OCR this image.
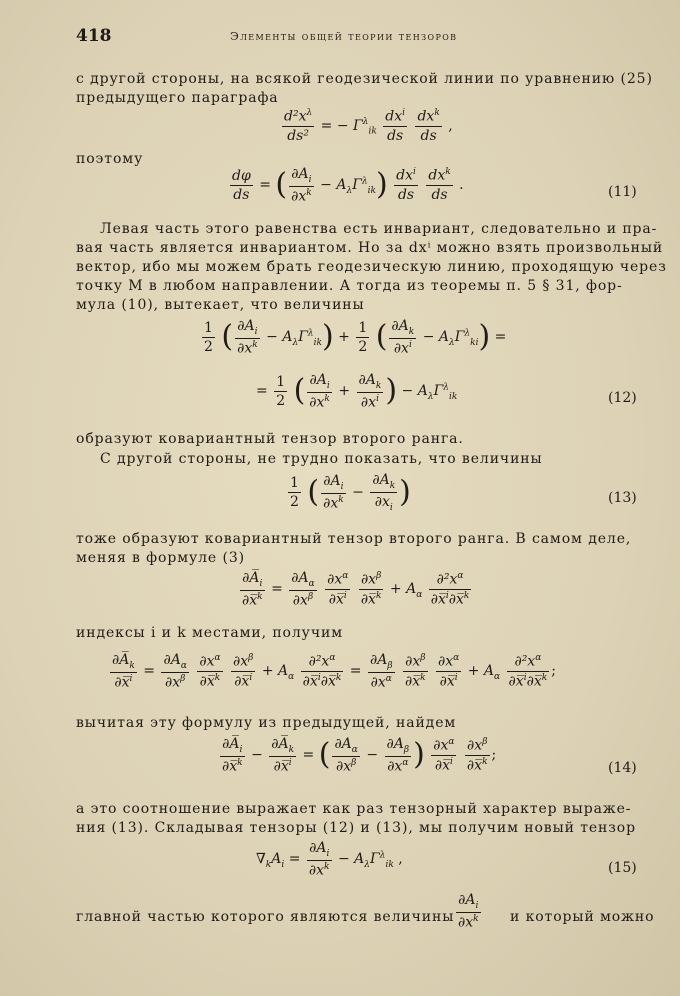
418	Элементы общей теории тензоров
с другой стороны, на всякой геодезической линии по уравнению (25)
предыдущего параграфа
$\frac{d^2x^\lambda}{\text{ds²}}$ = − $\Gamma^\lambda_{ik} \frac{dx^i}{ds}$
$\frac{dx^k}{ds}$ ,
поэтому
$\frac{d\varphi}{ds}$ = ( $\frac{\partial A_i}{\partial x^k} - A_\lambda\Gamma^\lambda_{ik}) \frac{dx^i}{ds}$
$\frac{dx^k}{ds}$ .	(11)
Левая часть этого равенства есть инвариант, следовательно и пра-
вая часть является инвариантом. Но за dxⁱ можно взять произвольный
вектор, ибо мы можем брать геодезическую линию, проходящую через
точку M в любом направлении. А тогда из теоремы п. 5 § 31, фор-
мула (10), вытекает, что величины
$\frac{1}{2}$ ( $\frac{\partial A_i}{\partial x^k} - A_\lambda\Gamma^\lambda_{ik}) + \frac{1}{2}$ ( $\frac{\partial A_k}{\partial x^i} - A_\lambda\Gamma^\lambda_{ki}$) =
= $\frac{1}{2}$ ( $\frac{\partial A_i}{\partial x^k} + \frac{\partial A_k}{\partial x^i}$ ) − $A_\lambda\Gamma^\lambda_{ik}$	(12)
образуют ковариантный тензор второго ранга.
С другой стороны, не трудно показать, что величины
$\frac{1}{2}$ ( $\frac{\partial A_i}{\partial x^k} - \frac{\partial A_k}{\partial x_i}$ )	(13)
тоже образуют ковариантный тензор второго ранга. В самом деле,
меняя в формуле (3)
$\frac{\partial A̅_i}{\partial x̅^k} = \frac{\partial A_\alpha}{\partial x^\beta}$
$\frac{\partial x^\alpha}{\partial x̅^i}$
$\frac{\partial x^\beta}{\partial x̅^k} + A_\alpha \frac{\partial^2x^\alpha}{\partial x̅^i\partial x̅^k}$
индексы i и k местами, получим
$\frac{\partial A̅_k}{\partial x̅^i} = \frac{\partial A_\alpha}{\partial x^\beta}$
$\frac{\partial x^\alpha}{\partial x̅^k}$
$\frac{\partial x^\beta}{\partial x̅^i} + A_\alpha \frac{\partial^2x^\alpha}{\partial x̅^i\partial x̅^k} = \frac{\partial A_\beta}{\partial x^\alpha}$
$\frac{\partial x^\beta}{\partial x̅^k}$
$\frac{\partial x^\alpha}{\partial x̅^i} + A_\alpha \frac{\partial^2x^\alpha}{\partial x̅^i\partial x̅^k}$ ;
вычитая эту формулу из предыдущей, найдем
$\frac{\partial A̅_i}{\partial x̅^k} - \frac{\partial A̅_k}{\partial x̅^i}$ = ( $\frac{\partial A_\alpha}{\partial x^\beta} - \frac{\partial A_\beta}{\partial x^\alpha}$ ) $\frac{\partial x^\alpha}{\partial x̅^i}$
$\frac{\partial x^\beta}{\partial x̅^k}$ ;
(14)
а это соотношение выражает как раз тензорный характер выраже-
ния (13). Складывая тензоры (12) и (13), мы получим новый тензор
$\nabla_kA_i = \frac{\partial A_i}{\partial x^k} - A_\lambda\Gamma^\lambda_{ik}$ ,
(15)
главной частью которого являются величины $\frac{\partial A_i}{\partial x^k}$ и который можно
